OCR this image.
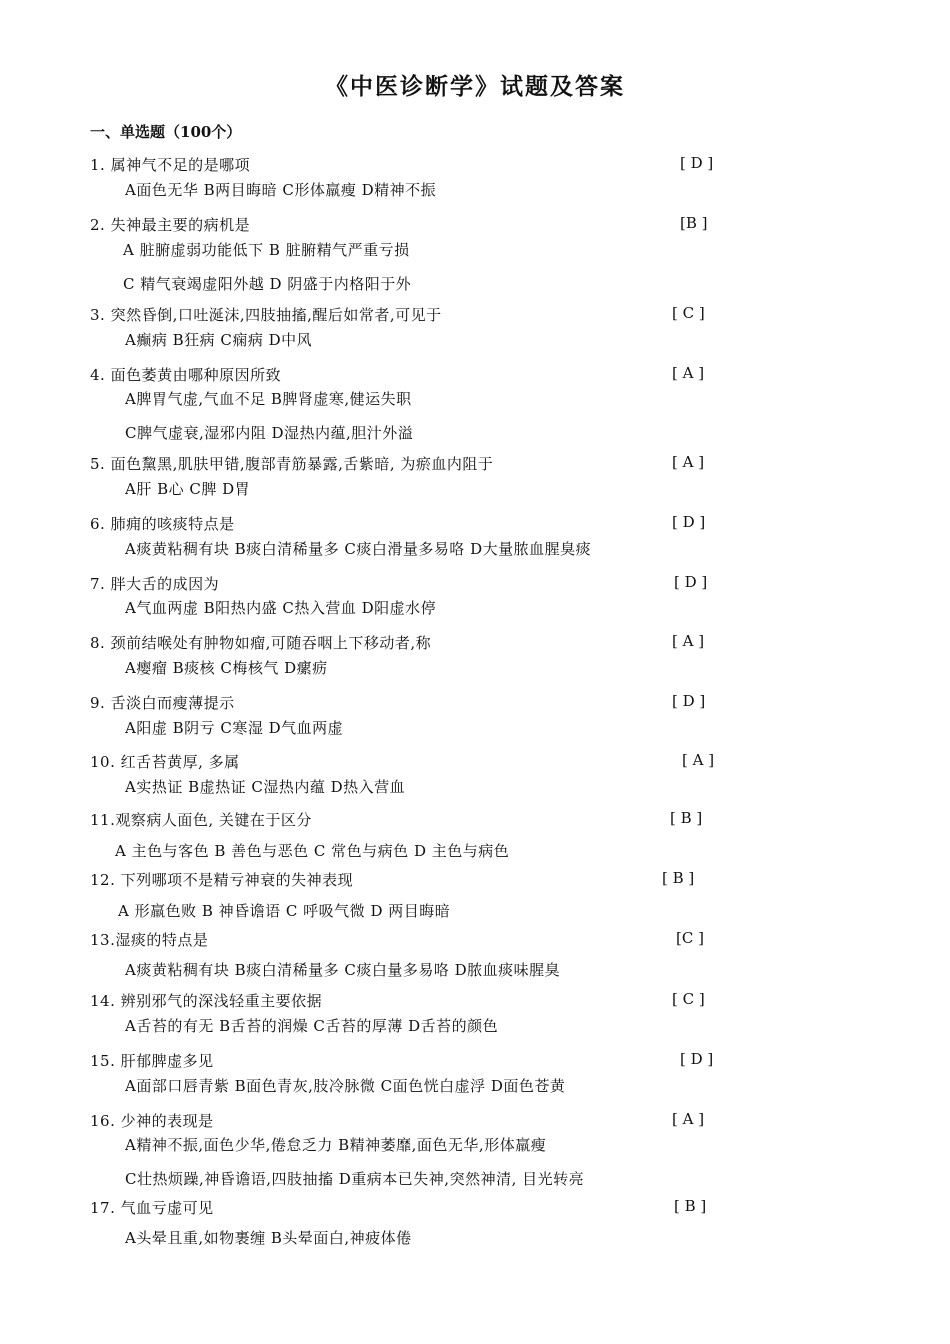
《中医诊断学》试题及答案
一、单选题（100个）
1. 属神气不足的是哪项	[ D ]
A面色无华 B两目晦暗 C形体羸瘦 D精神不振
2. 失神最主要的病机是	[B ]
A 脏腑虚弱功能低下 B 脏腑精气严重亏损
C 精气衰竭虚阳外越 D 阴盛于内格阳于外
3. 突然昏倒,口吐涎沫,四肢抽搐,醒后如常者,可见于	[ C ]
A癫病 B狂病 C痫病 D中风
4. 面色萎黄由哪种原因所致	[ A ]
A脾胃气虚,气血不足 B脾肾虚寒,健运失职
C脾气虚衰,湿邪内阻 D湿热内蕴,胆汁外溢
5. 面色黧黑,肌肤甲错,腹部青筋暴露,舌紫暗, 为瘀血内阻于	[ A ]
A肝 B心 C脾 D胃
6. 肺痈的咳痰特点是	[ D ]
A痰黄粘稠有块 B痰白清稀量多 C痰白滑量多易咯 D大量脓血腥臭痰
7. 胖大舌的成因为	[ D ]
A气血两虚 B阳热内盛 C热入营血 D阳虚水停
8. 颈前结喉处有肿物如瘤,可随吞咽上下移动者,称	[ A ]
A瘿瘤 B痰核 C梅核气 D瘰疬
9. 舌淡白而瘦薄提示	[ D ]
A阳虚 B阴亏 C寒湿 D气血两虚
10. 红舌苔黄厚, 多属	[ A ]
A实热证 B虚热证 C湿热内蕴 D热入营血
11.观察病人面色, 关键在于区分	[ B ]
A 主色与客色 B 善色与恶色 C 常色与病色 D 主色与病色
12. 下列哪项不是精亏神衰的失神表现	[ B ]
A 形羸色败 B 神昏谵语 C 呼吸气微 D 两目晦暗
13.湿痰的特点是	[C ]
A痰黄粘稠有块 B痰白清稀量多 C痰白量多易咯 D脓血痰味腥臭
14. 辨别邪气的深浅轻重主要依据	[ C ]
A舌苔的有无 B舌苔的润燥 C舌苔的厚薄 D舌苔的颜色
15. 肝郁脾虚多见	[ D ]
A面部口唇青紫 B面色青灰,肢冷脉微 C面色恍白虚浮 D面色苍黄
16. 少神的表现是	[ A ]
A精神不振,面色少华,倦怠乏力 B精神萎靡,面色无华,形体羸瘦
C壮热烦躁,神昏谵语,四肢抽搐 D重病本已失神,突然神清, 目光转亮
17. 气血亏虚可见	[ B ]
A头晕且重,如物裹缠 B头晕面白,神疲体倦
